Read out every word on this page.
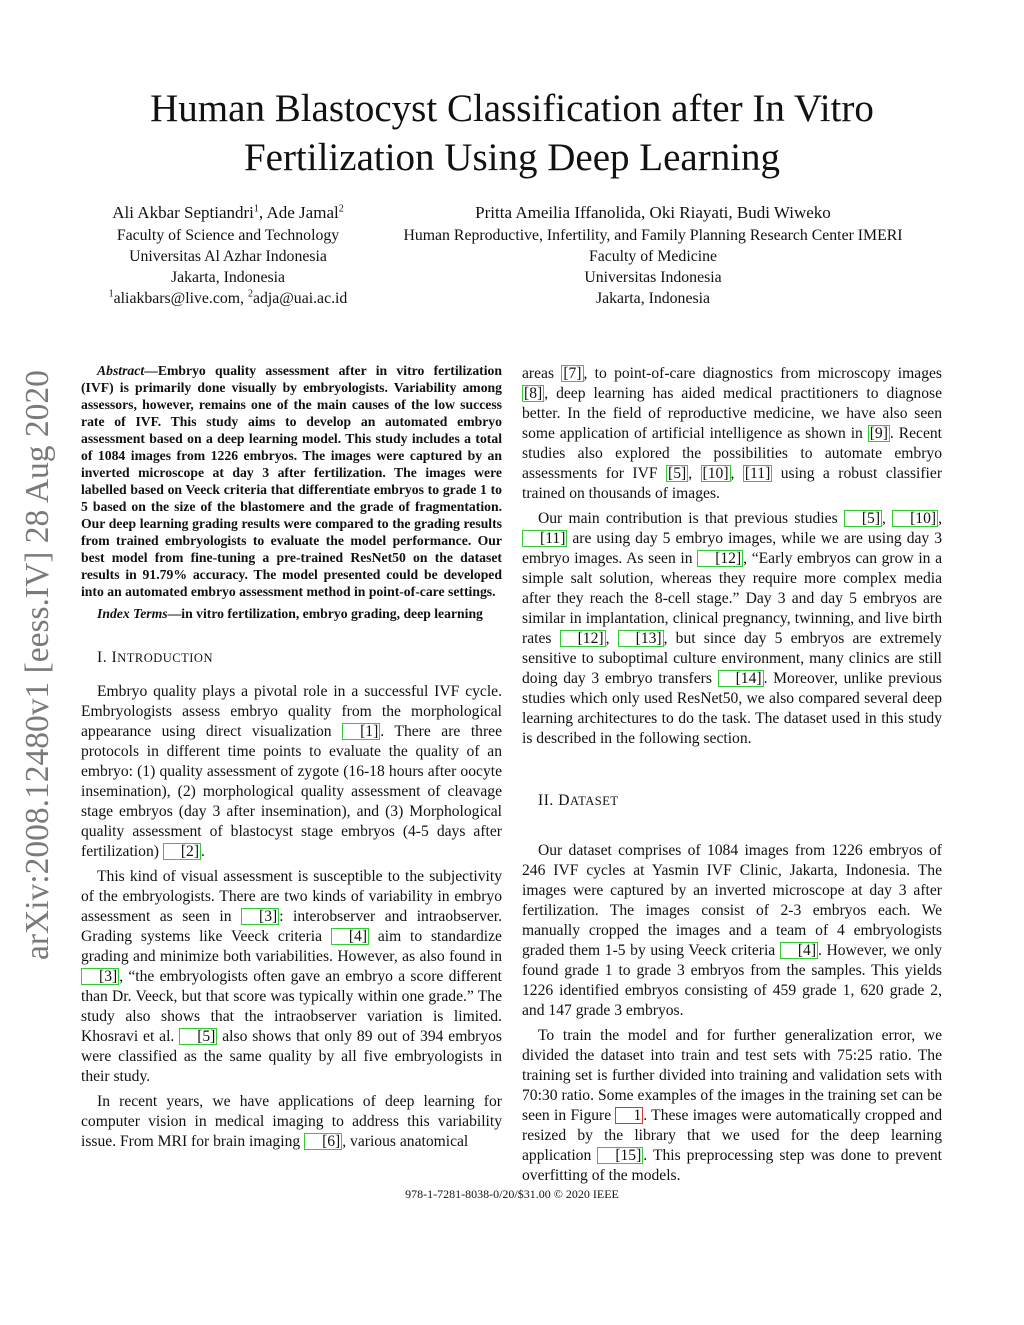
arXiv:2008.12480v1 [eess.IV] 28 Aug 2020
Human Blastocyst Classification after In Vitro
Fertilization Using Deep Learning
Ali Akbar Septiandri$^1$, Ade Jamal$^2$
Faculty of Science and Technology
Universitas Al Azhar Indonesia
Jakarta, Indonesia
$^1$aliakbars@live.com, $^2$adja@uai.ac.id
Pritta Ameilia Iffanolida, Oki Riayati, Budi Wiweko
Human Reproductive, Infertility, and Family Planning Research Center IMERI
Faculty of Medicine
Universitas Indonesia
Jakarta, Indonesia

Abstract—Embryo quality assessment after in vitro fertilization (IVF) is primarily done visually by embryologists. Variability among assessors, however, remains one of the main causes of the low success rate of IVF. This study aims to develop an automated embryo assessment based on a deep learning model. This study includes a total of 1084 images from 1226 embryos. The images were captured by an inverted microscope at day 3 after fertilization. The images were labelled based on Veeck criteria that differentiate embryos to grade 1 to 5 based on the size of the blastomere and the grade of fragmentation. Our deep learning grading results were compared to the grading results from trained embryologists to evaluate the model performance. Our best model from fine-tuning a pre-trained ResNet50 on the dataset results in 91.79% accuracy. The model presented could be developed into an automated embryo assessment method in point-of-care settings.

Index Terms—in vitro fertilization, embryo grading, deep learning

I. INTRODUCTION

Embryo quality plays a pivotal role in a successful IVF cycle. Embryologists assess embryo quality from the morphological appearance using direct visualization [1] . There are three protocols in different time points to evaluate the quality of an embryo: (1) quality assessment of zygote (16-18 hours after oocyte insemination), (2) morphological quality assessment of cleavage stage embryos (day 3 after insemination), and (3) Morphological quality assessment of blastocyst stage embryos (4-5 days after fertilization) [2] .

This kind of visual assessment is susceptible to the subjectivity of the embryologists. There are two kinds of variability in embryo assessment as seen in [3] : interobserver and intraobserver. Grading systems like Veeck criteria [4] aim to standardize grading and minimize both variabilities. However, as also found in [3] , “the embryologists often gave an embryo a score different than Dr. Veeck, but that score was typically within one grade.” The study also shows that the intraobserver variation is limited. Khosravi et al. [5] also shows that only 89 out of 394 embryos were classified as the same quality by all five embryologists in their study.

In recent years, we have applications of deep learning for computer vision in medical imaging to address this variability issue. From MRI for brain imaging [6] , various anatomical

areas [7] , to point-of-care diagnostics from microscopy images [8] , deep learning has aided medical practitioners to diagnose better. In the field of reproductive medicine, we have also seen some application of artificial intelligence as shown in [9] . Recent studies also explored the possibilities to automate embryo assessments for IVF [5] , [10] , [11] using a robust classifier trained on thousands of images.

Our main contribution is that previous studies [5] , [10] , [11] are using day 5 embryo images, while we are using day 3 embryo images. As seen in [12] , “Early embryos can grow in a simple salt solution, whereas they require more complex media after they reach the 8-cell stage.” Day 3 and day 5 embryos are similar in implantation, clinical pregnancy, twinning, and live birth rates [12] , [13] , but since day 5 embryos are extremely sensitive to suboptimal culture environment, many clinics are still doing day 3 embryo transfers [14] . Moreover, unlike previous studies which only used ResNet50, we also compared several deep learning architectures to do the task. The dataset used in this study is described in the following section.

II. DATASET

Our dataset comprises of 1084 images from 1226 embryos of 246 IVF cycles at Yasmin IVF Clinic, Jakarta, Indonesia. The images were captured by an inverted microscope at day 3 after fertilization. The images consist of 2-3 embryos each. We manually cropped the images and a team of 4 embryologists graded them 1-5 by using Veeck criteria [4] . However, we only found grade 1 to grade 3 embryos from the samples. This yields 1226 identified embryos consisting of 459 grade 1, 620 grade 2, and 147 grade 3 embryos.

To train the model and for further generalization error, we divided the dataset into train and test sets with 75:25 ratio. The training set is further divided into training and validation sets with 70:30 ratio. Some examples of the images in the training set can be seen in Figure 1 . These images were automatically cropped and resized by the library that we used for the deep learning application [15] . This preprocessing step was done to prevent overfitting of the models.

978-1-7281-8038-0/20/$31.00 © 2020 IEEE
